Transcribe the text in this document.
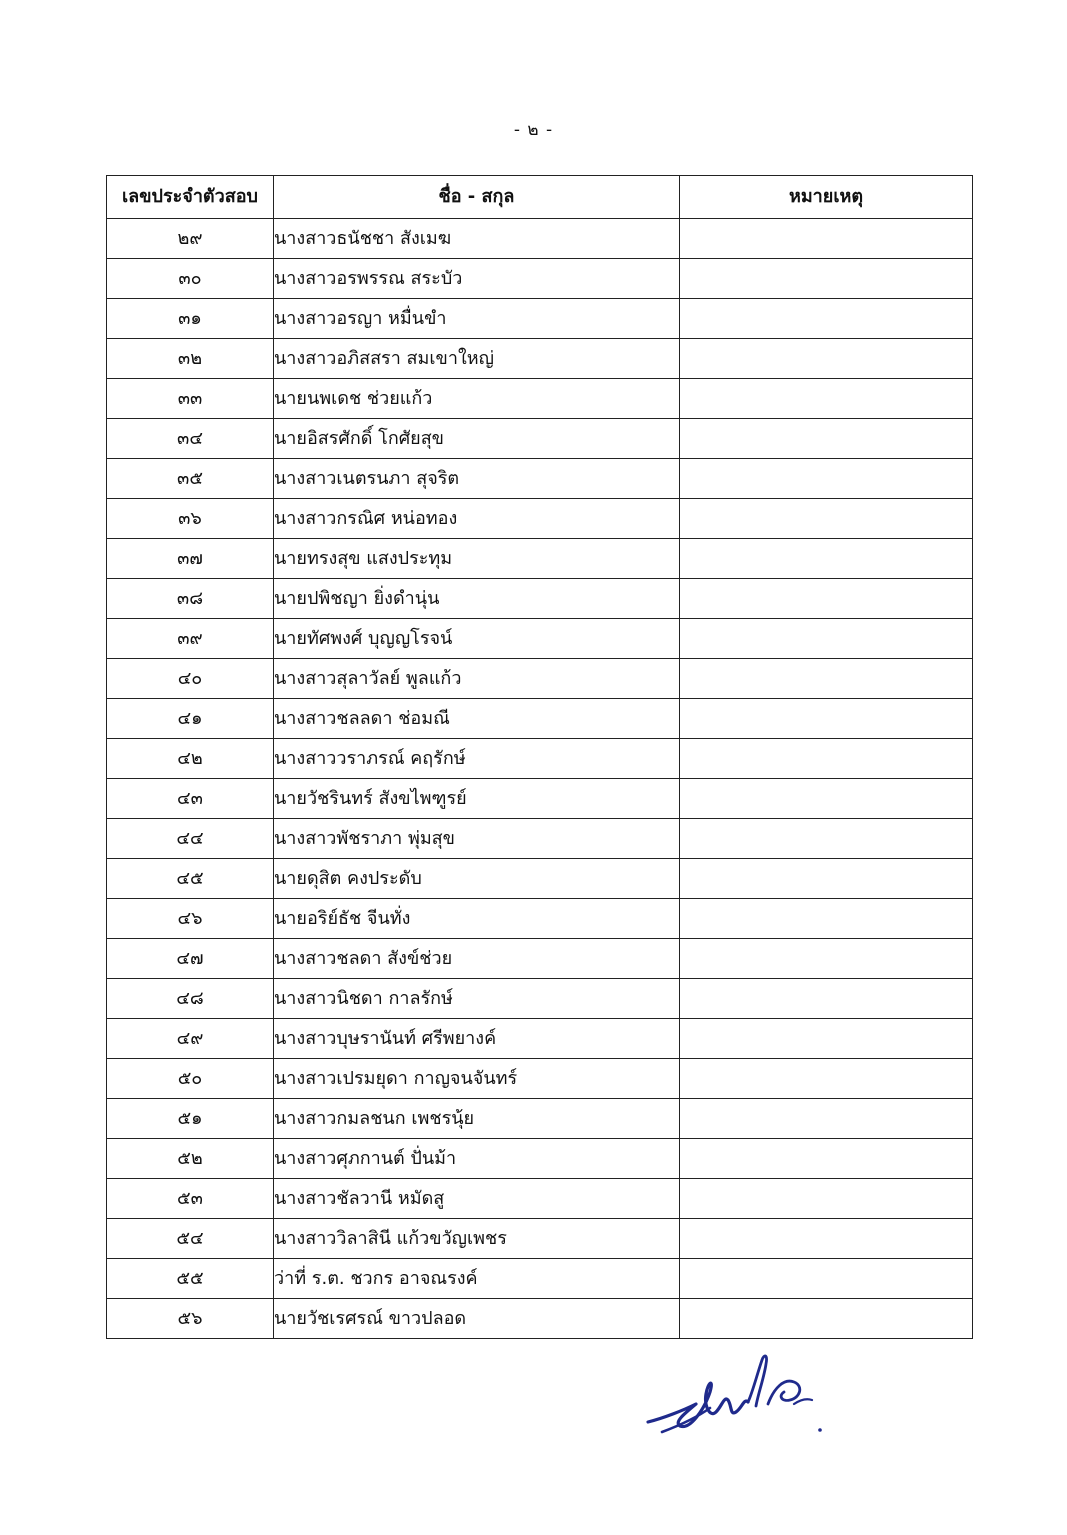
- ๒ -
เลขประจำตัวสอบ	ชื่อ - สกุล	หมายเหตุ
๒๙	นางสาวธนัชชา สังเมฆ	
๓๐	นางสาวอรพรรณ สระบัว	
๓๑	นางสาวอรญา หมื่นขำ	
๓๒	นางสาวอภิสสรา สมเขาใหญ่	
๓๓	นายนพเดช ช่วยแก้ว	
๓๔	นายอิสรศักดิ์ โกศัยสุข	
๓๕	นางสาวเนตรนภา สุจริต	
๓๖	นางสาวกรณิศ หน่อทอง	
๓๗	นายทรงสุข แสงประทุม	
๓๘	นายปพิชญา ยิ่งดำนุ่น	
๓๙	นายทัศพงศ์ บุญญโรจน์	
๔๐	นางสาวสุลาวัลย์ พูลแก้ว	
๔๑	นางสาวชลลดา ช่อมณี	
๔๒	นางสาววราภรณ์ คฤรักษ์	
๔๓	นายวัชรินทร์ สังขไพฑูรย์	
๔๔	นางสาวพัชราภา พุ่มสุข	
๔๕	นายดุสิต คงประดับ	
๔๖	นายอริย์ธัช จีนทั่ง	
๔๗	นางสาวชลดา สังข์ช่วย	
๔๘	นางสาวนิชดา กาลรักษ์	
๔๙	นางสาวบุษรานันท์ ศรีพยางค์	
๕๐	นางสาวเปรมยุดา กาญจนจันทร์	
๕๑	นางสาวกมลชนก เพชรนุ้ย	
๕๒	นางสาวศุภกานต์ ปั่นม้า	
๕๓	นางสาวชัลวานี หมัดสู	
๕๔	นางสาววิลาสินี แก้วขวัญเพชร	
๕๕	ว่าที่ ร.ต. ชวกร อาจณรงค์	
๕๖	นายวัชเรศรณ์ ขาวปลอด	
